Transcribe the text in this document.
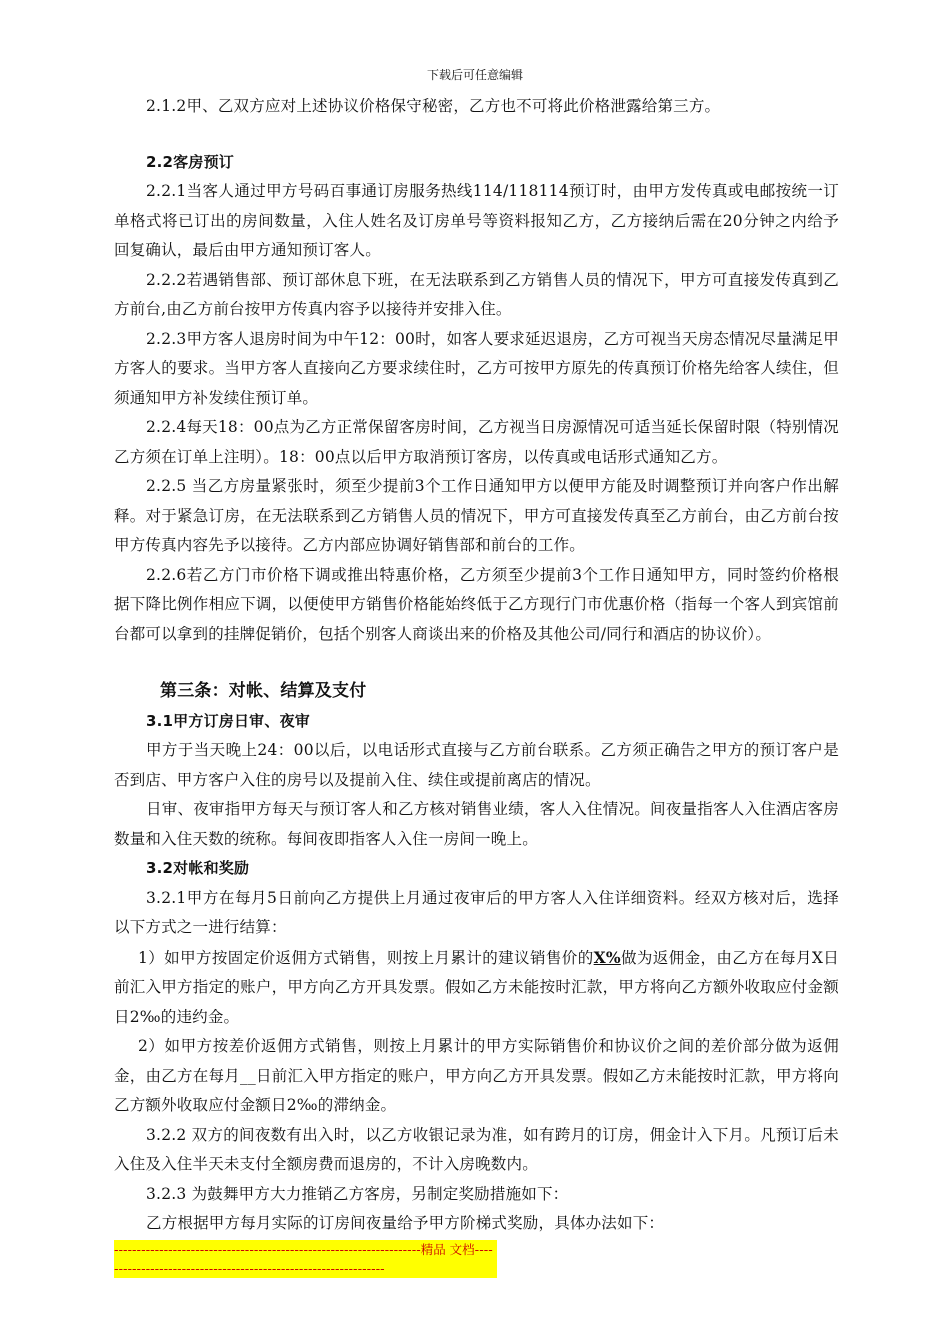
下载后可任意编辑

2.1.2甲、乙双方应对上述协议价格保守秘密，乙方也不可将此价格泄露给第三方。

2.2客房预订

2.2.1当客人通过甲方号码百事通订房服务热线114/118114预订时，由甲方发传真或电邮按统一订单格式将已订出的房间数量，入住人姓名及订房单号等资料报知乙方，乙方接纳后需在20分钟之内给予回复确认，最后由甲方通知预订客人。

2.2.2若遇销售部、预订部休息下班，在无法联系到乙方销售人员的情况下，甲方可直接发传真到乙方前台,由乙方前台按甲方传真内容予以接待并安排入住。

2.2.3甲方客人退房时间为中午12：00时，如客人要求延迟退房，乙方可视当天房态情况尽量满足甲方客人的要求。当甲方客人直接向乙方要求续住时，乙方可按甲方原先的传真预订价格先给客人续住，但须通知甲方补发续住预订单。

2.2.4每天18：00点为乙方正常保留客房时间，乙方视当日房源情况可适当延长保留时限（特别情况乙方须在订单上注明）。18：00点以后甲方取消预订客房，以传真或电话形式通知乙方。

2.2.5 当乙方房量紧张时，须至少提前3个工作日通知甲方以便甲方能及时调整预订并向客户作出解释。对于紧急订房，在无法联系到乙方销售人员的情况下，甲方可直接发传真至乙方前台，由乙方前台按甲方传真内容先予以接待。乙方内部应协调好销售部和前台的工作。

2.2.6若乙方门市价格下调或推出特惠价格，乙方须至少提前3个工作日通知甲方，同时签约价格根据下降比例作相应下调，以便使甲方销售价格能始终低于乙方现行门市优惠价格（指每一个客人到宾馆前台都可以拿到的挂牌促销价，包括个别客人商谈出来的价格及其他公司/同行和酒店的协议价）。

第三条：对帐、结算及支付
3.1甲方订房日审、夜审

甲方于当天晚上24：00以后，以电话形式直接与乙方前台联系。乙方须正确告之甲方的预订客户是否到店、甲方客户入住的房号以及提前入住、续住或提前离店的情况。

日审、夜审指甲方每天与预订客人和乙方核对销售业绩，客人入住情况。间夜量指客人入住酒店客房数量和入住天数的统称。每间夜即指客人入住一房间一晚上。

3.2对帐和奖励

3.2.1甲方在每月5日前向乙方提供上月通过夜审后的甲方客人入住详细资料。经双方核对后，选择以下方式之一进行结算：

1）如甲方按固定价返佣方式销售，则按上月累计的建议销售价的X%做为返佣金，由乙方在每月X日前汇入甲方指定的账户，甲方向乙方开具发票。假如乙方未能按时汇款，甲方将向乙方额外收取应付金额日2‰的违约金。

2）如甲方按差价返佣方式销售，则按上月累计的甲方实际销售价和协议价之间的差价部分做为返佣金，由乙方在每月__日前汇入甲方指定的账户，甲方向乙方开具发票。假如乙方未能按时汇款，甲方将向乙方额外收取应付金额日2‰的滞纳金。

3.2.2 双方的间夜数有出入时，以乙方收银记录为准，如有跨月的订房，佣金计入下月。凡预订后未入住及入住半天未支付全额房费而退房的，不计入房晚数内。

3.2.3 为鼓舞甲方大力推销乙方客房，另制定奖励措施如下：

乙方根据甲方每月实际的订房间夜量给予甲方阶梯式奖励，具体办法如下：

--------------------------------------------------------------------精品 文档----------------------------------------------------------------
